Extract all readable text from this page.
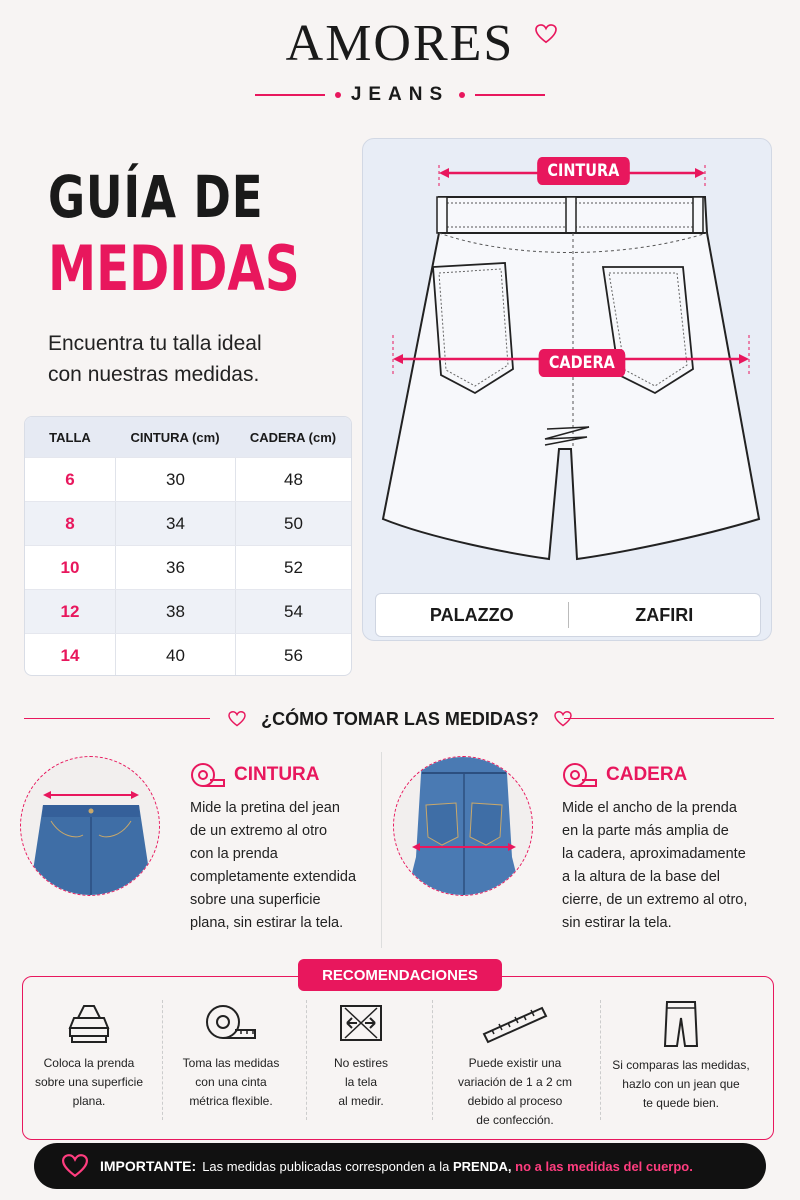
AMORES
JEANS
GUÍA DE
MEDIDAS
Encuentra tu talla ideal
con nuestras medidas.
TALLA	CINTURA (cm)	CADERA (cm)
6	30	48
8	34	50
10	36	52
12	38	54
14	40	56
CINTURA
CADERA
PALAZZO	ZAFIRI
¿CÓMO TOMAR LAS MEDIDAS?
CINTURA
Mide la pretina del jean
de un extremo al otro
con la prenda
completamente extendida
sobre una superficie
plana, sin estirar la tela.
CADERA
Mide el ancho de la prenda
en la parte más amplia de
la cadera, aproximadamente
a la altura de la base del
cierre, de un extremo al otro,
sin estirar la tela.
RECOMENDACIONES
Coloca la prenda
sobre una superficie
plana.
Toma las medidas
con una cinta
métrica flexible.
No estires
la tela
al medir.
Puede existir una
variación de 1 a 2 cm
debido al proceso
de confección.
Si comparas las medidas,
hazlo con un jean que
te quede bien.
IMPORTANTE: Las medidas publicadas corresponden a la
PRENDA,
no a las medidas del cuerpo.
